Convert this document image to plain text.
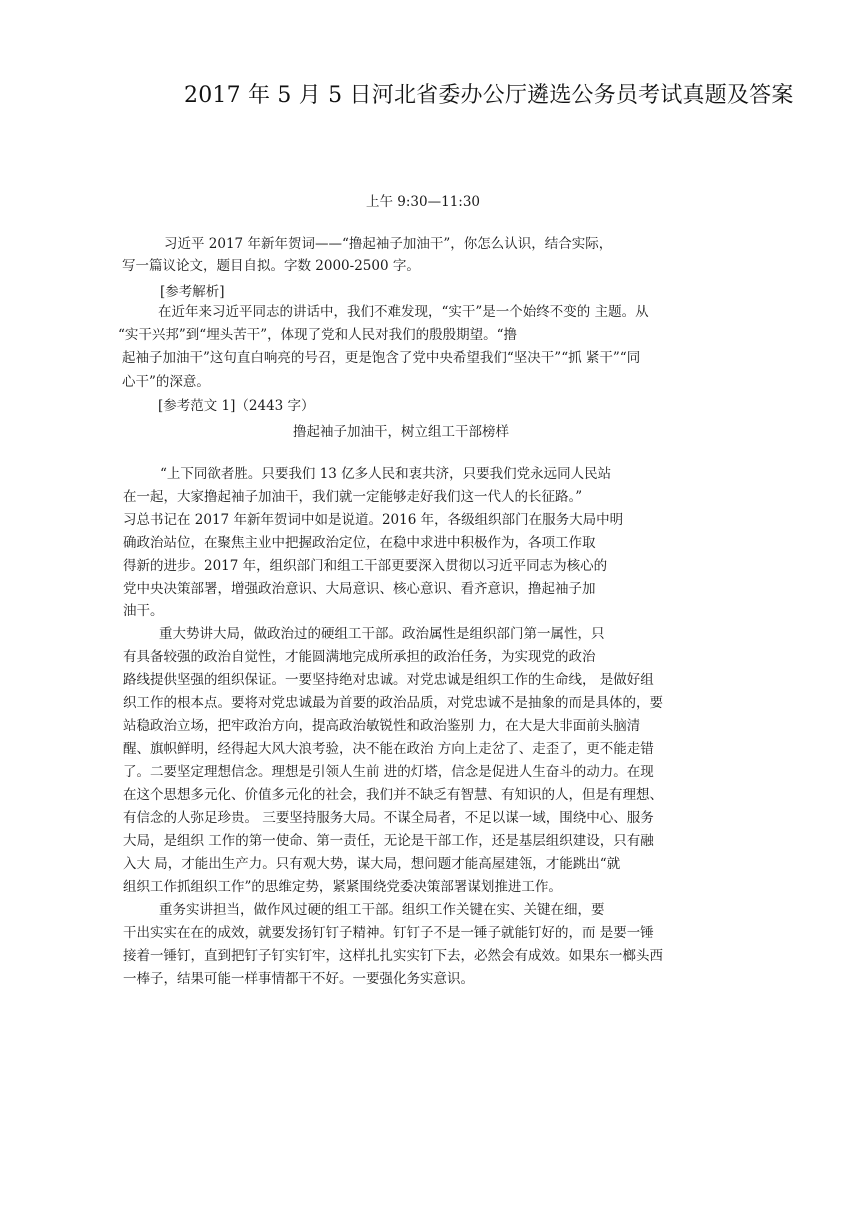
2017 年 5 月 5 日河北省委办公厅遴选公务员考试真题及答案
上午 9:30—11:30
习近平 2017 年新年贺词——“撸起袖子加油干”，你怎么认识，结合实际，
写一篇议论文，题目自拟。字数 2000-2500 字。
[参考解析]
在近年来习近平同志的讲话中，我们不难发现，“实干”是一个始终不变的 主题。从
“实干兴邦”到“埋头苦干”，体现了党和人民对我们的殷殷期望。“撸
起袖子加油干”这句直白响亮的号召，更是饱含了党中央希望我们“坚决干”“抓 紧干”“同
心干”的深意。
[参考范文 1]（2443 字）
撸起袖子加油干，树立组工干部榜样
“上下同欲者胜。只要我们 13 亿多人民和衷共济，只要我们党永远同人民站
在一起，大家撸起袖子加油干，我们就一定能够走好我们这一代人的长征路。”
习总书记在 2017 年新年贺词中如是说道。2016 年，各级组织部门在服务大局中明
确政治站位，在聚焦主业中把握政治定位，在稳中求进中积极作为，各项工作取
得新的进步。2017 年，组织部门和组工干部更要深入贯彻以习近平同志为核心的
党中央决策部署，增强政治意识、大局意识、核心意识、看齐意识，撸起袖子加
油干。
重大势讲大局，做政治过的硬组工干部。政治属性是组织部门第一属性，只
有具备较强的政治自觉性，才能圆满地完成所承担的政治任务，为实现党的政治
路线提供坚强的组织保证。一要坚持绝对忠诚。对党忠诚是组织工作的生命线， 是做好组
织工作的根本点。要将对党忠诚最为首要的政治品质，对党忠诚不是抽象的而是具体的，要
站稳政治立场，把牢政治方向，提高政治敏锐性和政治鉴别 力，在大是大非面前头脑清
醒、旗帜鲜明，经得起大风大浪考验，决不能在政治 方向上走岔了、走歪了，更不能走错
了。二要坚定理想信念。理想是引领人生前 进的灯塔，信念是促进人生奋斗的动力。在现
在这个思想多元化、价值多元化的社会，我们并不缺乏有智慧、有知识的人，但是有理想、
有信念的人弥足珍贵。 三要坚持服务大局。不谋全局者，不足以谋一域，围绕中心、服务
大局，是组织 工作的第一使命、第一责任，无论是干部工作，还是基层组织建设，只有融
入大 局，才能出生产力。只有观大势，谋大局，想问题才能高屋建瓴，才能跳出“就
组织工作抓组织工作”的思维定势，紧紧围绕党委决策部署谋划推进工作。
重务实讲担当，做作风过硬的组工干部。组织工作关键在实、关键在细，要
干出实实在在的成效，就要发扬钉钉子精神。钉钉子不是一锤子就能钉好的，而 是要一锤
接着一锤钉，直到把钉子钉实钉牢，这样扎扎实实钉下去，必然会有成效。如果东一榔头西
一棒子，结果可能一样事情都干不好。一要强化务实意识。
